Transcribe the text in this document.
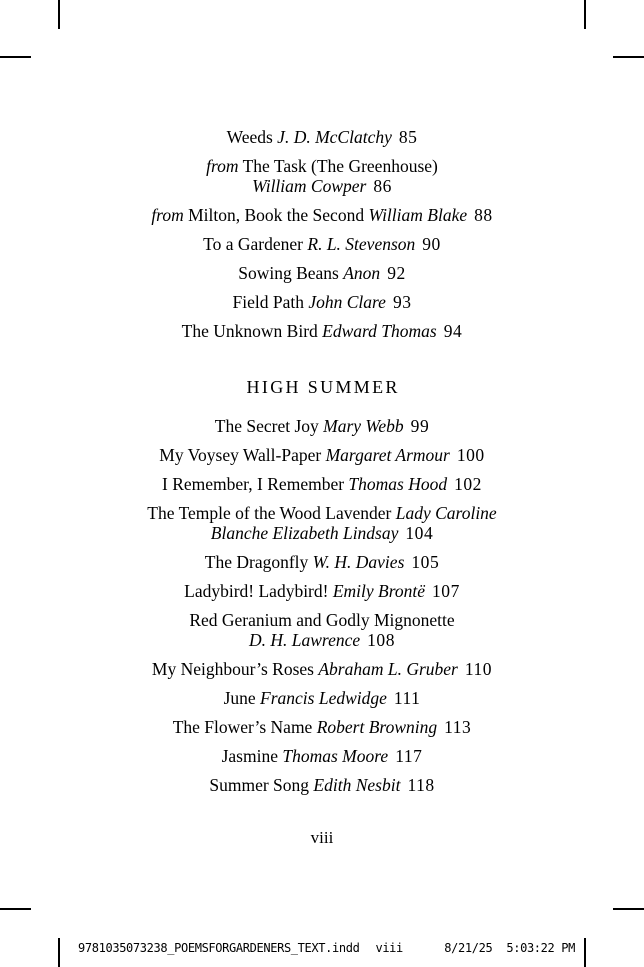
Weeds J. D. McClatchy 85
from The Task (The Greenhouse)
William Cowper 86
from Milton, Book the Second William Blake 88
To a Gardener R. L. Stevenson 90
Sowing Beans Anon 92
Field Path John Clare 93
The Unknown Bird Edward Thomas 94
HIGH SUMMER
The Secret Joy Mary Webb 99
My Voysey Wall-Paper Margaret Armour 100
I Remember, I Remember Thomas Hood 102
The Temple of the Wood Lavender Lady Caroline
Blanche Elizabeth Lindsay 104
The Dragonfly W. H. Davies 105
Ladybird! Ladybird! Emily Brontë 107
Red Geranium and Godly Mignonette
D. H. Lawrence 108
My Neighbour’s Roses Abraham L. Gruber 110
June Francis Ledwidge 111
The Flower’s Name Robert Browning 113
Jasmine Thomas Moore 117
Summer Song Edith Nesbit 118
viii
9781035073238_POEMSFORGARDENERS_TEXT.indd viii	8/21/25 5:03:22 PM
